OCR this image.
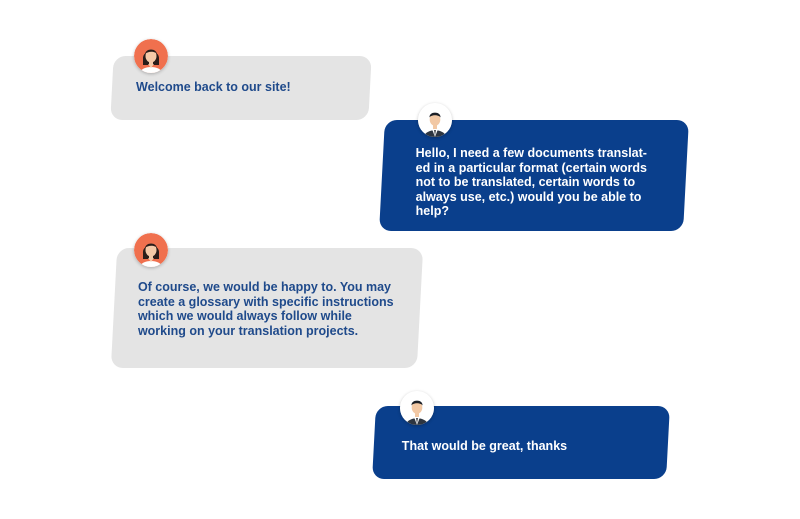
Welcome back to our site!
Hello, I need a few documents translat-ed in a particular format (certain words not to be translated, certain words to always use, etc.) would you be able to help?
Of course, we would be happy to. You may create a glossary with specific instructions which we would always follow while working on your translation projects.
That would be great, thanks
